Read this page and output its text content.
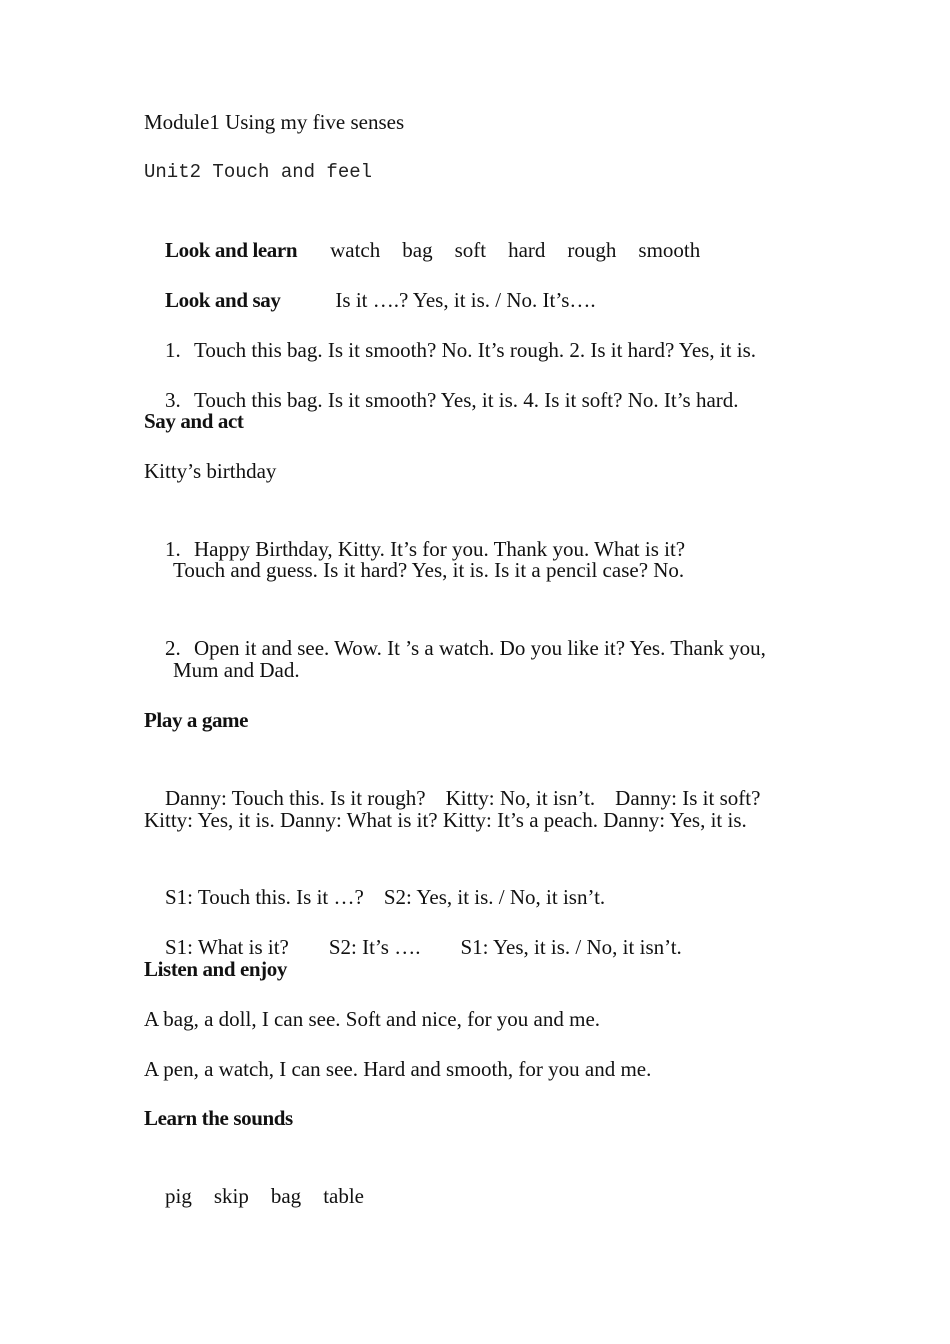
Module1 Using my five senses
Unit2 Touch and feel

Look and learn watch bag soft hard rough smooth

Look and say	Is it ….? Yes, it is. / No. It’s….

1. Touch this bag. Is it smooth? No. It’s rough. 2. Is it hard? Yes, it is.

3. Touch this bag. Is it smooth? Yes, it is. 4. Is it soft? No. It’s hard.

Say and act
Kitty’s birthday

1. Happy Birthday, Kitty. It’s for you. Thank you. What is it?

Touch and guess. Is it hard? Yes, it is. Is it a pencil case? No.

2. Open it and see. Wow. It ’s a watch. Do you like it? Yes. Thank you,

Mum and Dad.
Play a game

Danny: Touch this. Is it rough? Kitty: No, it isn’t. Danny: Is it soft?

Kitty: Yes, it is. Danny: What is it? Kitty: It’s a peach. Danny: Yes, it is.

S1: Touch this. Is it …? S2: Yes, it is. / No, it isn’t.

S1: What is it? S2: It’s …. S1: Yes, it is. / No, it isn’t.

Listen and enjoy
A bag, a doll, I can see. Soft and nice, for you and me.
A pen, a watch, I can see. Hard and smooth, for you and me.
Learn the sounds

pig skip bag table
